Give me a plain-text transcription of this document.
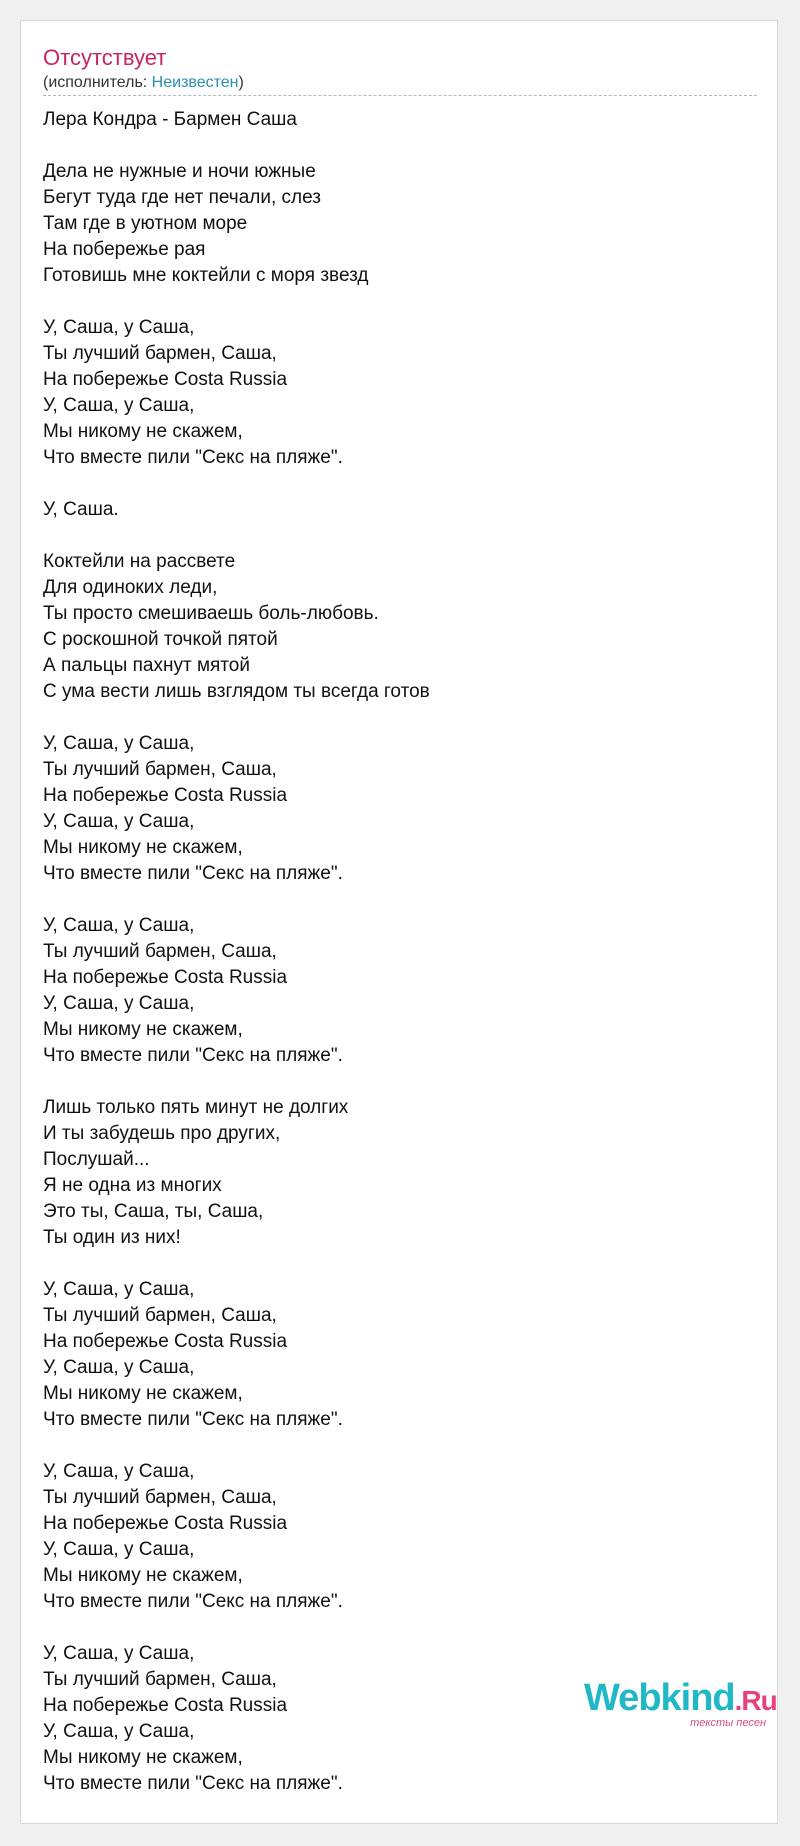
Отсутствует
(исполнитель: Неизвестен)
Лера Кондра - Бармен Саша
Дела не нужные и ночи южные
Бегут туда где нет печали, слез
Там где в уютном море
На побережье рая
Готовишь мне коктейли с моря звезд
У, Саша, у Саша,
Ты лучший бармен, Саша,
На побережье Costa Russia
У, Саша, у Саша,
Мы никому не скажем,
Что вместе пили "Секс на пляже".
У, Саша.
Коктейли на рассвете
Для одиноких леди,
Ты просто смешиваешь боль-любовь.
С роскошной точкой пятой
А пальцы пахнут мятой
С ума вести лишь взглядом ты всегда готов
У, Саша, у Саша,
Ты лучший бармен, Саша,
На побережье Costa Russia
У, Саша, у Саша,
Мы никому не скажем,
Что вместе пили "Секс на пляже".
У, Саша, у Саша,
Ты лучший бармен, Саша,
На побережье Costa Russia
У, Саша, у Саша,
Мы никому не скажем,
Что вместе пили "Секс на пляже".
Лишь только пять минут не долгих
И ты забудешь про других,
Послушай...
Я не одна из многих
Это ты, Саша, ты, Саша,
Ты один из них!
У, Саша, у Саша,
Ты лучший бармен, Саша,
На побережье Costa Russia
У, Саша, у Саша,
Мы никому не скажем,
Что вместе пили "Секс на пляже".
У, Саша, у Саша,
Ты лучший бармен, Саша,
На побережье Costa Russia
У, Саша, у Саша,
Мы никому не скажем,
Что вместе пили "Секс на пляже".
У, Саша, у Саша,
Ты лучший бармен, Саша,
На побережье Costa Russia
У, Саша, у Саша,
Мы никому не скажем,
Что вместе пили "Секс на пляже".
Webkind.Ru
тексты песен
